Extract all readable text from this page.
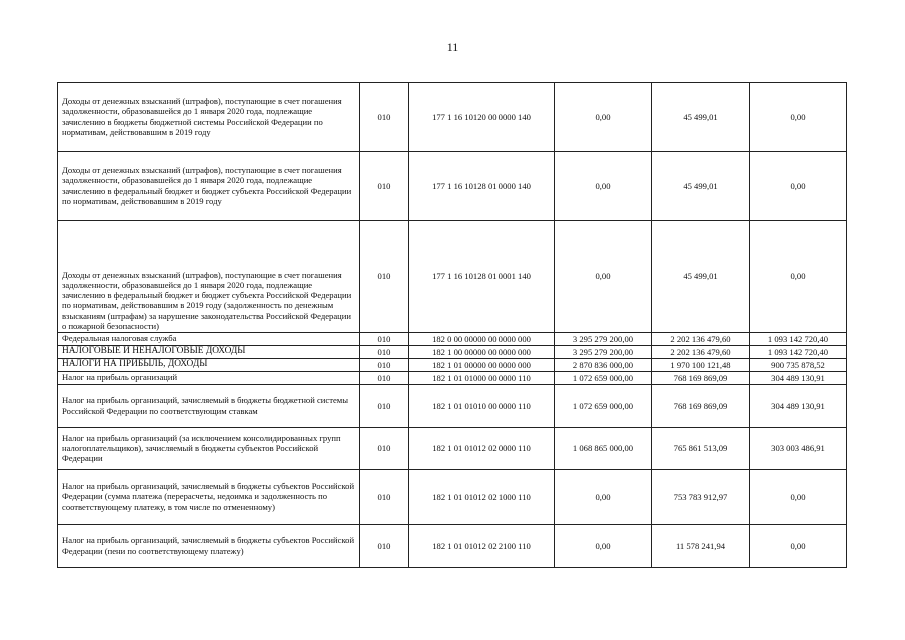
11
Доходы от денежных взысканий (штрафов), поступающие в счет погашения задолженности, образовавшейся до 1 января 2020 года, подлежащие зачислению в бюджеты бюджетной системы Российской Федерации по нормативам, действовавшим в 2019 году	010	177 1 16 10120 00 0000 140	0,00	45 499,01	0,00
Доходы от денежных взысканий (штрафов), поступающие в счет погашения задолженности, образовавшейся до 1 января 2020 года, подлежащие зачислению в федеральный бюджет и бюджет субъекта Российской Федерации по нормативам, действовавшим в 2019 году	010	177 1 16 10128 01 0000 140	0,00	45 499,01	0,00
Доходы от денежных взысканий (штрафов), поступающие в счет погашения задолженности, образовавшейся до 1 января 2020 года, подлежащие зачислению в федеральный бюджет и бюджет субъекта Российской Федерации по нормативам, действовавшим в 2019 году (задолженность по денежным взысканиям (штрафам) за нарушение законодательства Российской Федерации о пожарной безопасности)	010	177 1 16 10128 01 0001 140	0,00	45 499,01	0,00
Федеральная налоговая служба	010	182 0 00 00000 00 0000 000	3 295 279 200,00	2 202 136 479,60	1 093 142 720,40
НАЛОГОВЫЕ И НЕНАЛОГОВЫЕ ДОХОДЫ	010	182 1 00 00000 00 0000 000	3 295 279 200,00	2 202 136 479,60	1 093 142 720,40
НАЛОГИ НА ПРИБЫЛЬ, ДОХОДЫ	010	182 1 01 00000 00 0000 000	2 870 836 000,00	1 970 100 121,48	900 735 878,52
Налог на прибыль организаций	010	182 1 01 01000 00 0000 110	1 072 659 000,00	768 169 869,09	304 489 130,91
Налог на прибыль организаций, зачисляемый в бюджеты бюджетной системы Российской Федерации по соответствующим ставкам	010	182 1 01 01010 00 0000 110	1 072 659 000,00	768 169 869,09	304 489 130,91
Налог на прибыль организаций (за исключением консолидированных групп налогоплательщиков), зачисляемый в бюджеты субъектов Российской Федерации	010	182 1 01 01012 02 0000 110	1 068 865 000,00	765 861 513,09	303 003 486,91
Налог на прибыль организаций, зачисляемый в бюджеты субъектов Российской Федерации (сумма платежа (перерасчеты, недоимка и задолженность по соответствующему платежу, в том числе по отмененному)	010	182 1 01 01012 02 1000 110	0,00	753 783 912,97	0,00
Налог на прибыль организаций, зачисляемый в бюджеты субъектов Российской Федерации (пени по соответствующему платежу)	010	182 1 01 01012 02 2100 110	0,00	11 578 241,94	0,00
